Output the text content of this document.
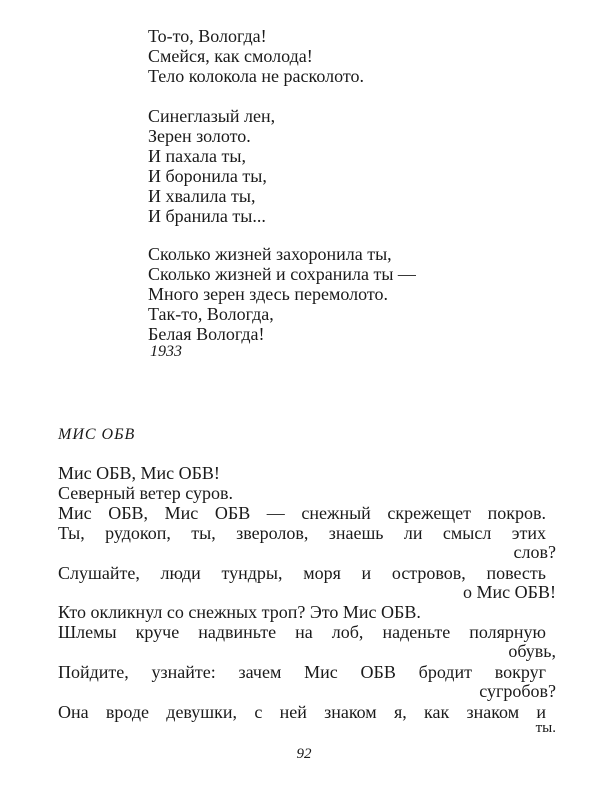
То-то, Вологда!
Смейся, как смолода!
Тело колокола не расколото.
Синеглазый лен,
Зерен золото.
И пахала ты,
И боронила ты,
И хвалила ты,
И бранила ты...
Сколько жизней захоронила ты,
Сколько жизней и сохранила ты —
Много зерен здесь перемолото.
Так-то, Вологда,
Белая Вологда!
1933
МИС ОБВ
Мис ОБВ, Мис ОБВ!
Северный ветер суров.
Мис ОБВ, Мис ОБВ — снежный скрежещет покров.
Ты, рудокоп, ты, зверолов, знаешь ли смысл этих
слов?
Слушайте, люди тундры, моря и островов, повесть
о Мис ОБВ!
Кто окликнул со снежных троп? Это Мис ОБВ.
Шлемы круче надвиньте на лоб, наденьте полярную
обувь,
Пойдите, узнайте: зачем Мис ОБВ бродит вокруг
сугробов?
Она вроде девушки, с ней знаком я, как знаком и
ты.
92
